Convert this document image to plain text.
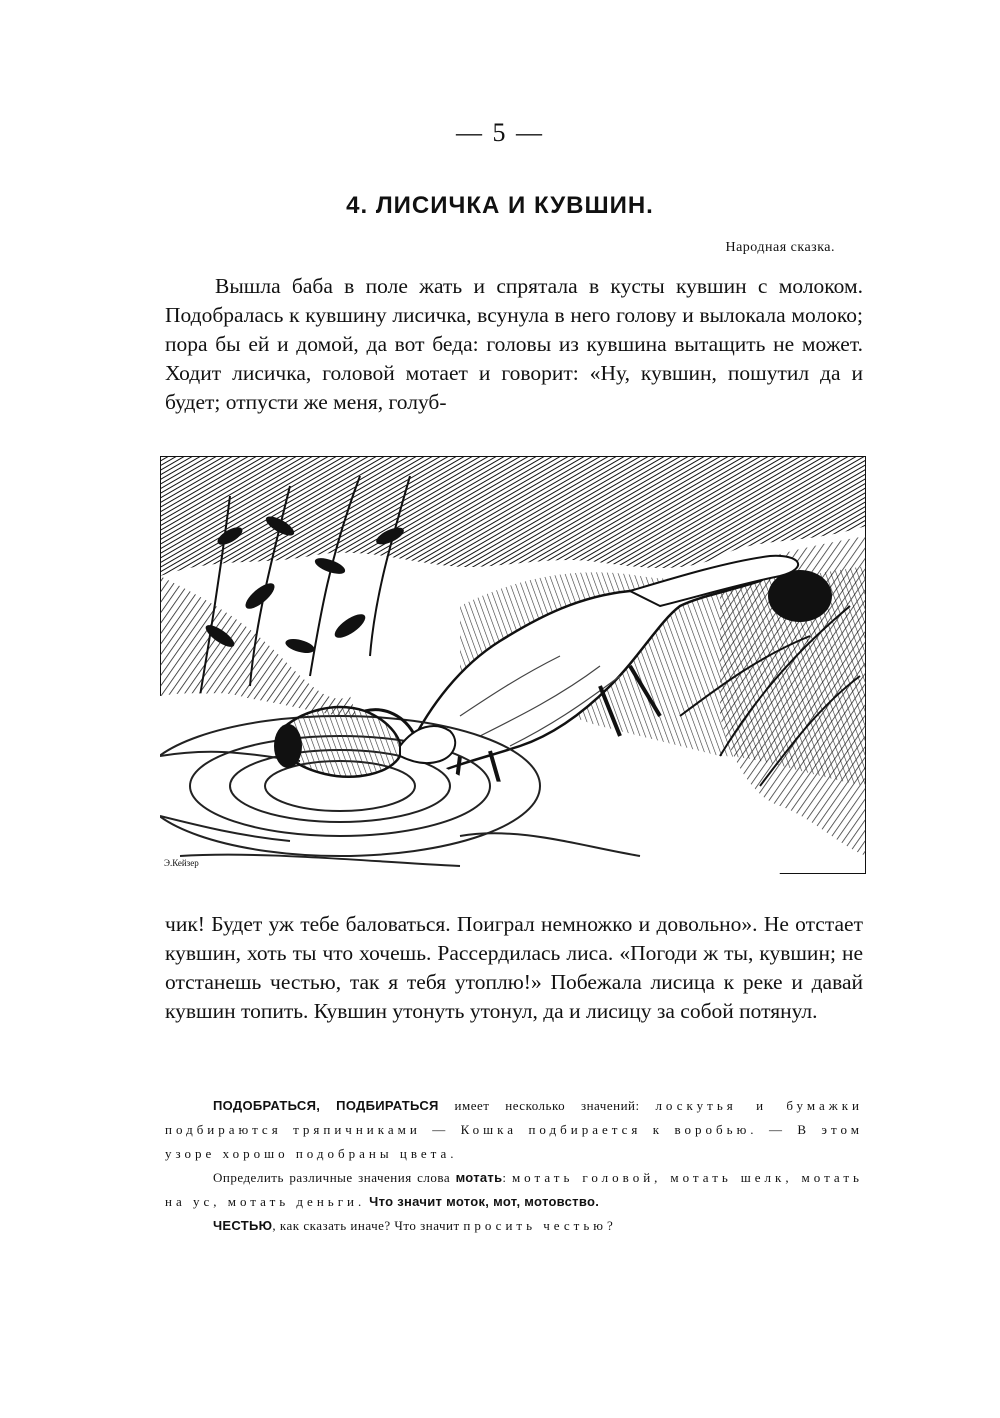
— 5 —
4. ЛИСИЧКА И КУВШИН.
Народная сказка.

Вышла баба в поле жать и спрятала в кусты кувшин с молоком. Подобралась к кувшину лисичка, всунула в него голову и вылокала молоко; пора бы ей и домой, да вот беда: головы из кувшина вытащить не может. Ходит лисичка, головой мотает и говорит: «Ну, кувшин, пошутил да и будет; отпусти же меня, голуб-

Э.Кейзер

чик! Будет уж тебе баловаться. Поиграл немножко и довольно». Не отстает кувшин, хоть ты что хочешь. Рассердилась лиса. «Погоди ж ты, кувшин; не отстанешь честью, так я тебя утоплю!» Побежала лисица к реке и давай кувшин топить. Кувшин утонуть утонул, да и лисицу за собой потянул.

ПОДОБРАТЬСЯ, ПОДБИРАТЬСЯ имеет несколько значений: лоскутья и бумажки подбираются тряпичниками — Кошка подбирается к воробью. — В этом узоре хорошо подобраны цвета.

Определить различные значения слова мотать: мотать головой, мотать шелк, мотать на ус, мотать деньги. Что значит моток, мот, мотовство.

ЧЕСТЬЮ, как сказать иначе? Что значит просить честью?
